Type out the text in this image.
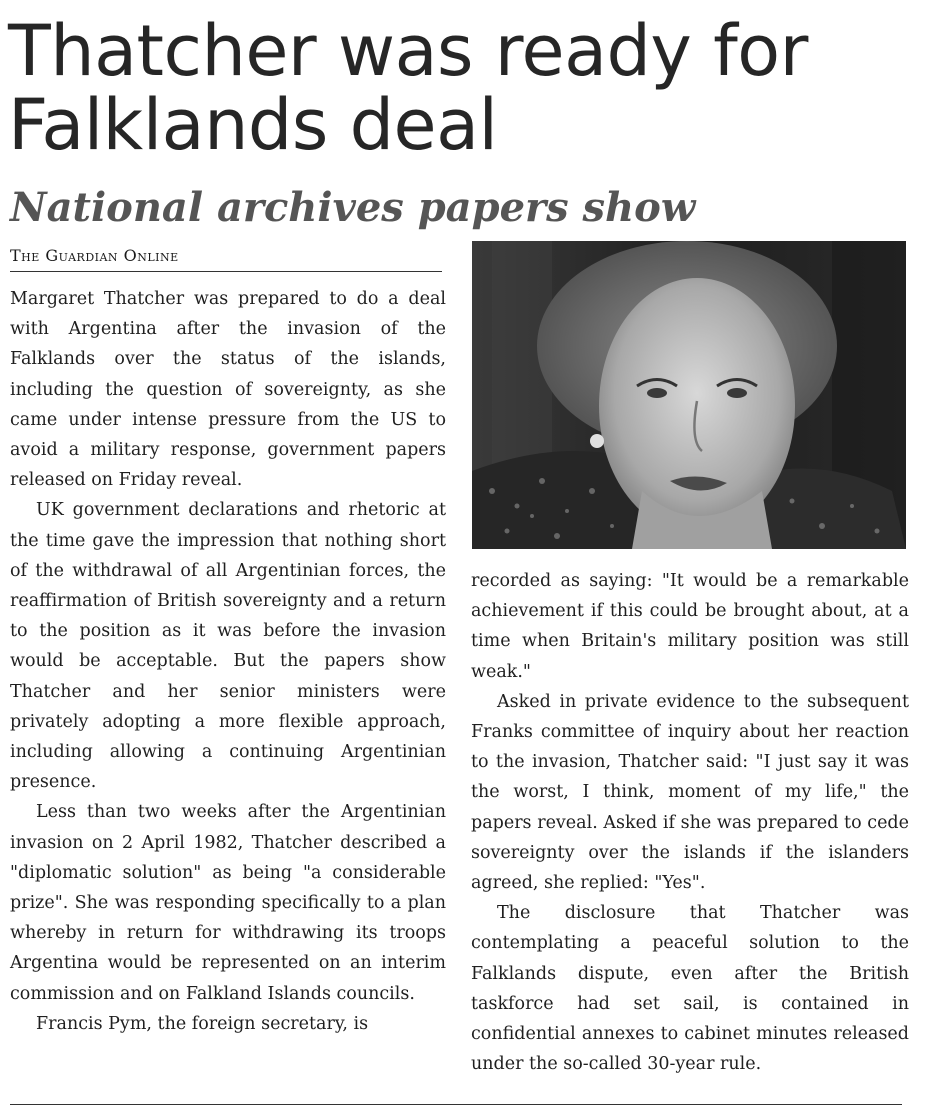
Thatcher was ready for Falklands deal
National archives papers show
The Guardian Online

Margaret Thatcher was prepared to do a deal with Argentina after the invasion of the Falklands over the status of the islands, including the question of sovereignty, as she came under intense pressure from the US to avoid a military response, government papers released on Friday reveal.

UK government declarations and rhetoric at the time gave the impression that nothing short of the withdrawal of all Argentinian forces, the reaffirmation of British sovereignty and a return to the position as it was before the invasion would be acceptable. But the papers show Thatcher and her senior ministers were privately adopting a more flexible approach, including allowing a continuing Argentinian presence.

Less than two weeks after the Argentinian invasion on 2 April 1982, Thatcher described a "diplomatic solution" as being "a considerable prize". She was responding specifically to a plan whereby in return for withdrawing its troops Argentina would be represented on an interim commission and on Falkland Islands councils.

Francis Pym, the foreign secretary, is

recorded as saying: "It would be a remarkable achievement if this could be brought about, at a time when Britain's military position was still weak."

Asked in private evidence to the subsequent Franks committee of inquiry about her reaction to the invasion, Thatcher said: "I just say it was the worst, I think, moment of my life," the papers reveal. Asked if she was prepared to cede sovereignty over the islands if the islanders agreed, she replied: "Yes".

The disclosure that Thatcher was contemplating a peaceful solution to the Falklands dispute, even after the British taskforce had set sail, is contained in confidential annexes to cabinet minutes released under the so-called 30-year rule.
